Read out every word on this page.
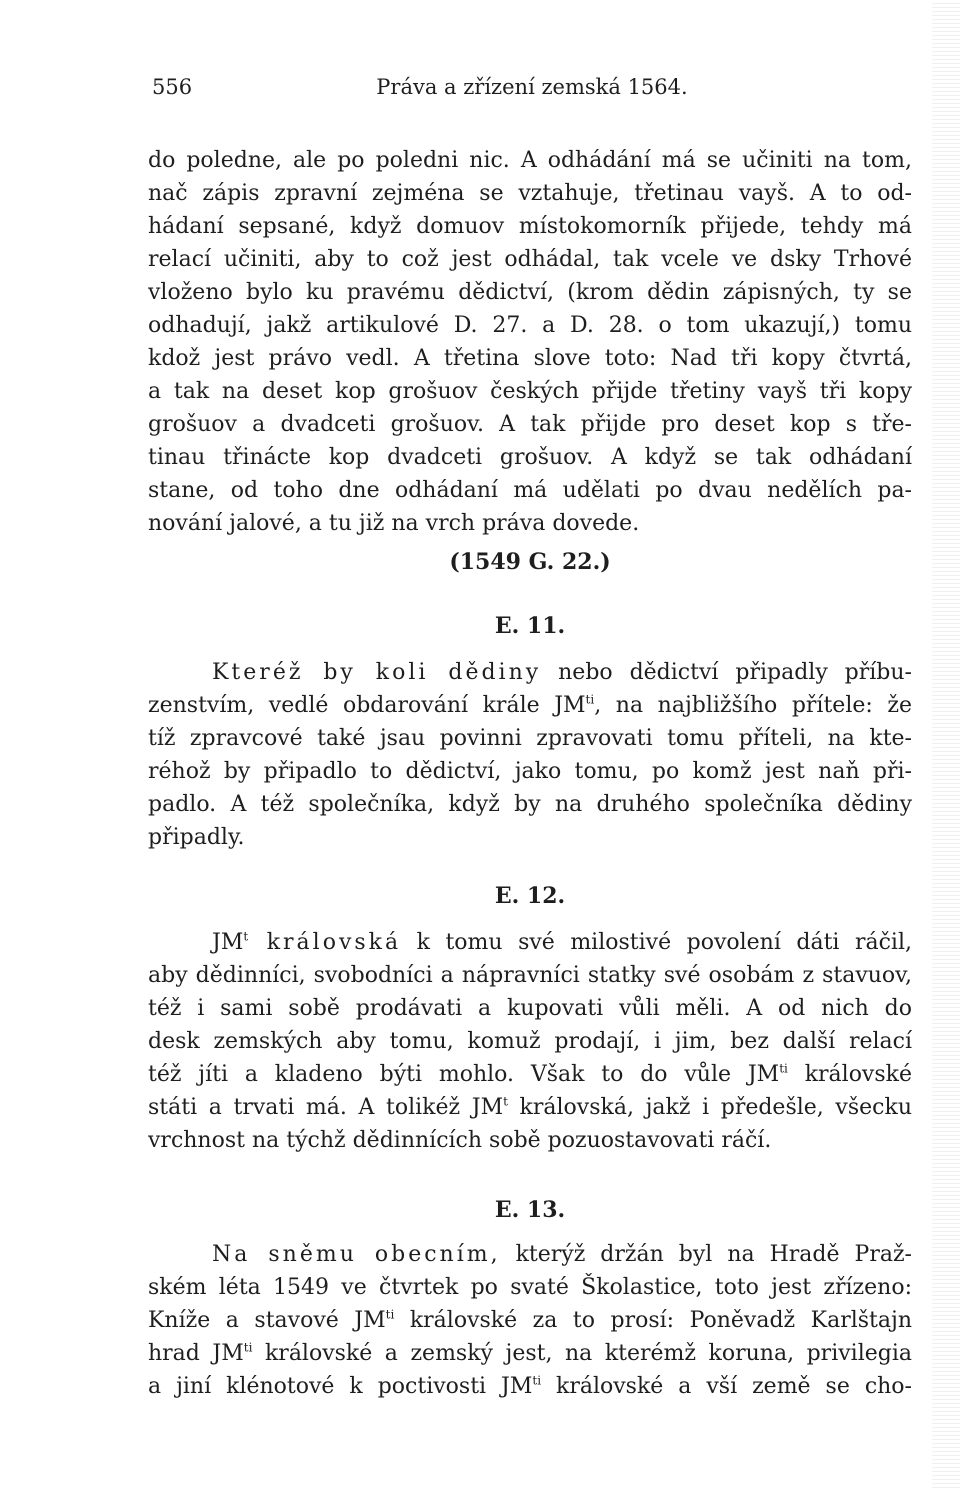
556	Práva a zřízení zemská 1564.
do poledne, ale po poledni nic. A odhádání má se učiniti na tom,
nač zápis zpravní zejména se vztahuje, třetinau vayš. A to od-
hádaní sepsané, když domuov místokomorník přijede, tehdy má
relací učiniti, aby to což jest odhádal, tak vcele ve dsky Trhové
vloženo bylo ku pravému dědictví, (krom dědin zápisných, ty se
odhadují, jakž artikulové D. 27. a D. 28. o tom ukazují,) tomu
kdož jest právo vedl. A třetina slove toto: Nad tři kopy čtvrtá,
a tak na deset kop grošuov českých přijde třetiny vayš tři kopy
grošuov a dvadceti grošuov. A tak přijde pro deset kop s tře-
tinau třinácte kop dvadceti grošuov. A když se tak odhádaní
stane, od toho dne odhádaní má udělati po dvau nedělích pa-
nování jalové, a tu již na vrch práva dovede.
(1549 G. 22.)
E. 11.
Kteréž by koli dědiny nebo dědictví připadly příbu-
zenstvím, vedlé obdarování krále $JM^{ti}$, na najbližšího přítele: že
tíž zpravcové také jsau povinni zpravovati tomu příteli, na kte-
réhož by připadlo to dědictví, jako tomu, po komž jest naň při-
padlo. A též společníka, když by na druhého společníka dědiny
připadly.
E. 12.
$JM^t$ královská k tomu své milostivé povolení dáti ráčil,
aby dědinníci, svobodníci a nápravníci statky své osobám z stavuov,
též i sami sobě prodávati a kupovati vůli měli. A od nich do
desk zemských aby tomu, komuž prodají, i jim, bez další relací
též jíti a kladeno býti mohlo. Však to do vůle $JM^{ti}$ královské
státi a trvati má. A tolikéž $JM^t$ královská, jakž i předešle, všecku
vrchnost na týchž dědinnících sobě pozuostavovati ráčí.
E. 13.
Na sněmu obecním, kterýž držán byl na Hradě Praž-
ském léta 1549 ve čtvrtek po svaté Školastice, toto jest zřízeno:
Kníže a stavové $JM^{ti}$ královské za to prosí: Poněvadž Karlštajn
hrad $JM^{ti}$ královské a zemský jest, na kterémž koruna, privilegia
a jiní klénotové k poctivosti $JM^{ti}$ královské a vší země se cho-
